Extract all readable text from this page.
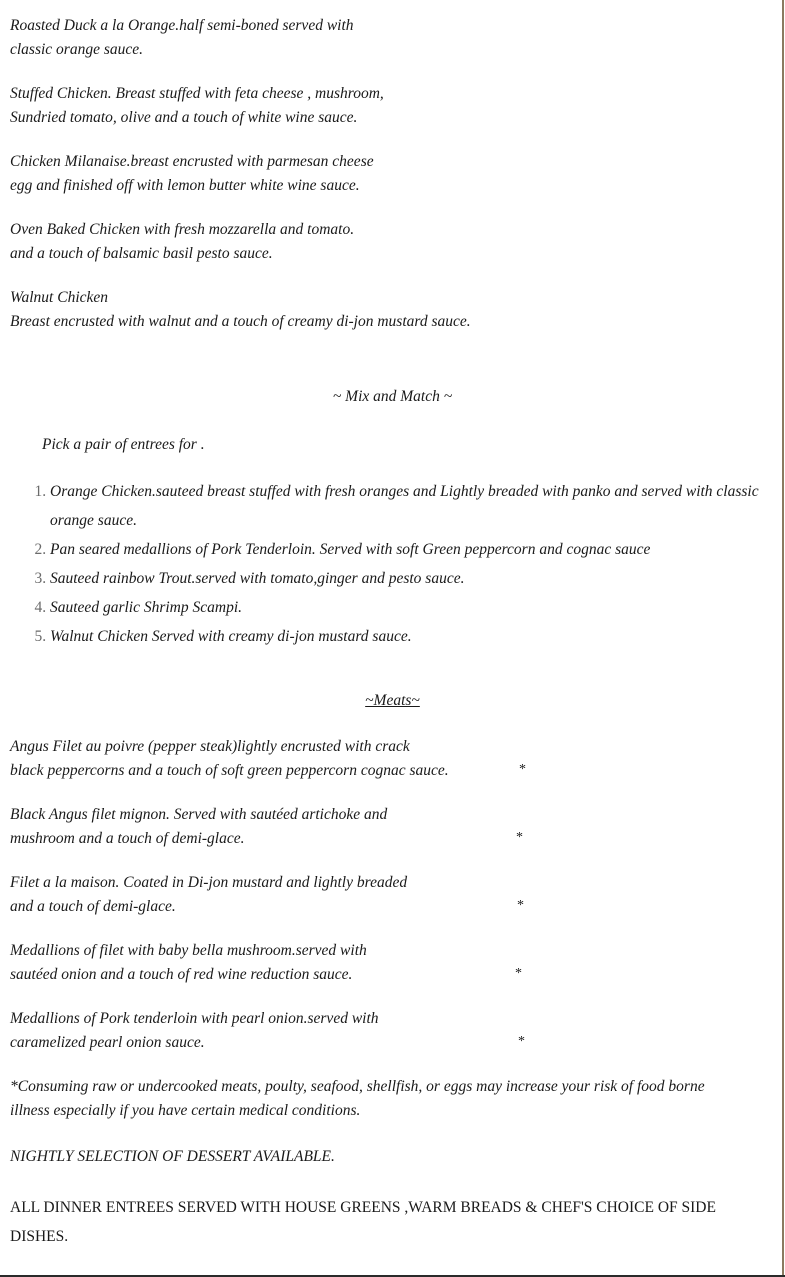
Roasted Duck a la Orange.half semi-boned served with
classic orange sauce.
Stuffed Chicken. Breast stuffed with feta cheese , mushroom,
Sundried tomato, olive and a touch of white wine sauce.
Chicken Milanaise.breast encrusted with parmesan cheese
egg and finished off with lemon butter white wine sauce.
Oven Baked Chicken with fresh mozzarella and tomato.
and a touch of balsamic basil pesto sauce.
Walnut Chicken
Breast encrusted with walnut and a touch of creamy di-jon mustard sauce.
~ Mix and Match ~
Pick a pair of entrees for .
1. Orange Chicken.sauteed breast stuffed with fresh oranges and Lightly breaded with panko and served with classic orange sauce.
2. Pan seared medallions of Pork Tenderloin. Served with soft Green peppercorn and cognac sauce
3. Sauteed rainbow Trout.served with tomato,ginger and pesto sauce.
4. Sauteed garlic Shrimp Scampi.
5. Walnut Chicken Served with creamy di-jon mustard sauce.
~Meats~
Angus Filet au poivre (pepper steak)lightly encrusted with crack
black peppercorns and a touch of soft green peppercorn cognac sauce.	*
Black Angus filet mignon. Served with sautéed artichoke and
mushroom and a touch of demi-glace.	*
Filet a la maison. Coated in Di-jon mustard and lightly breaded
and a touch of demi-glace.	*
Medallions of filet with baby bella mushroom.served with
sautéed onion and a touch of red wine reduction sauce.	*
Medallions of Pork tenderloin with pearl onion.served with
caramelized pearl onion sauce.	*
*Consuming raw or undercooked meats, poulty, seafood, shellfish, or eggs may increase your risk of food borne
illness especially if you have certain medical conditions.
NIGHTLY SELECTION OF DESSERT AVAILABLE.
ALL DINNER ENTREES SERVED WITH HOUSE GREENS ,WARM BREADS & CHEF'S CHOICE OF SIDE DISHES.
